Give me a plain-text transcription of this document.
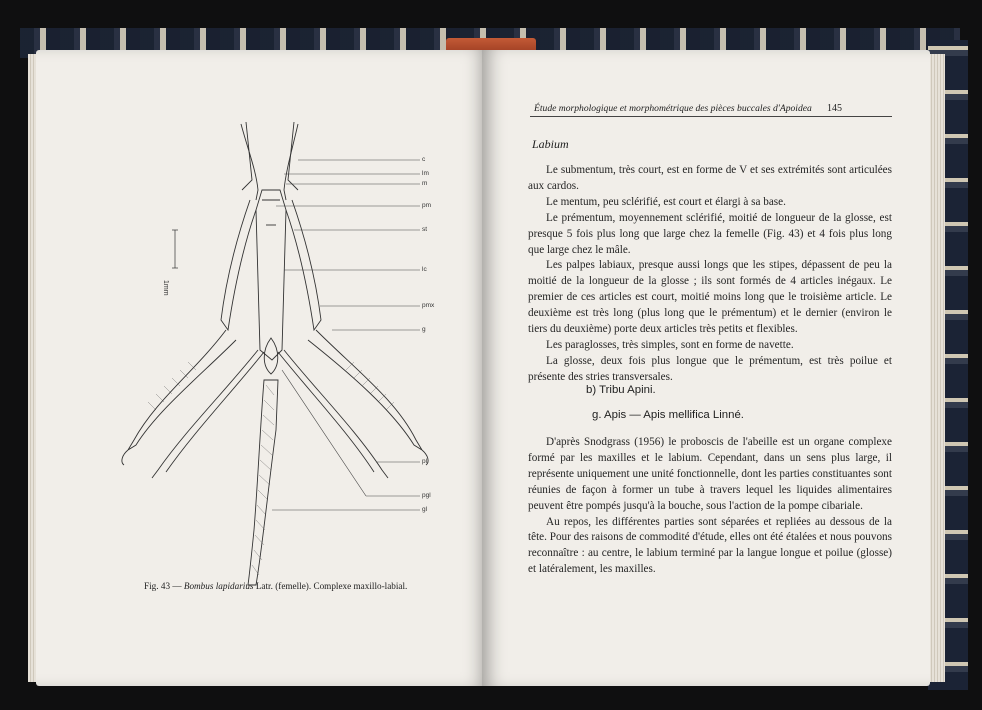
c
lm
m
pm
st
lc
pmx
g
pl
pgl
gl
1mm
Fig. 43 — Bombus lapidarius Latr. (femelle). Complexe maxillo-labial.
Étude morphologique et morphométrique des pièces buccales d'Apoidea	145
Labium

Le submentum, très court, est en forme de V et ses extrémités sont articulées aux cardos.

Le mentum, peu sclérifié, est court et élargi à sa base.

Le prémentum, moyennement sclérifié, moitié de longueur de la glosse, est presque 5 fois plus long que large chez la femelle (Fig. 43) et 4 fois plus long que large chez le mâle.

Les palpes labiaux, presque aussi longs que les stipes, dépassent de peu la moitié de la longueur de la glosse ; ils sont formés de 4 articles inégaux. Le premier de ces articles est court, moitié moins long que le troisième article. Le deuxième est très long (plus long que le prémentum) et le dernier (environ le tiers du deuxième) porte deux articles très petits et flexibles.

Les paraglosses, très simples, sont en forme de navette.

La glosse, deux fois plus longue que le prémentum, est très poilue et présente des stries transversales.

b) Tribu Apini.
g. Apis — Apis mellifica Linné.

D'après Snodgrass (1956) le proboscis de l'abeille est un organe complexe formé par les maxilles et le labium. Cependant, dans un sens plus large, il représente uniquement une unité fonctionnelle, dont les parties constituantes sont réunies de façon à former un tube à travers lequel les liquides alimentaires peuvent être pompés jusqu'à la bouche, sous l'action de la pompe cibariale.

Au repos, les différentes parties sont séparées et repliées au dessous de la tête. Pour des raisons de commodité d'étude, elles ont été étalées et nous pouvons reconnaître : au centre, le labium terminé par la langue longue et poilue (glosse) et latéralement, les maxilles.
